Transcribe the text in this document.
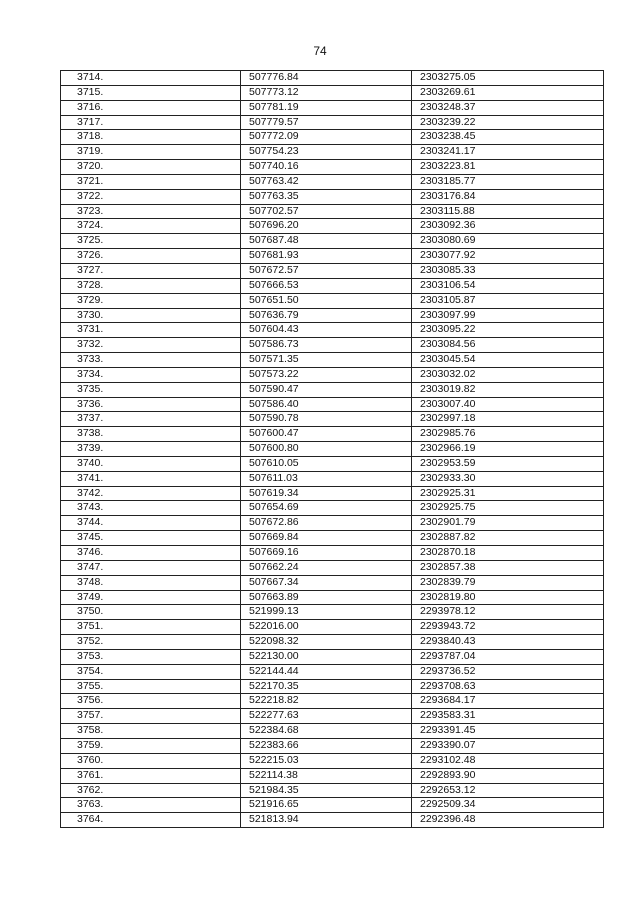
74
3714.	507776.84	2303275.05
3715.	507773.12	2303269.61
3716.	507781.19	2303248.37
3717.	507779.57	2303239.22
3718.	507772.09	2303238.45
3719.	507754.23	2303241.17
3720.	507740.16	2303223.81
3721.	507763.42	2303185.77
3722.	507763.35	2303176.84
3723.	507702.57	2303115.88
3724.	507696.20	2303092.36
3725.	507687.48	2303080.69
3726.	507681.93	2303077.92
3727.	507672.57	2303085.33
3728.	507666.53	2303106.54
3729.	507651.50	2303105.87
3730.	507636.79	2303097.99
3731.	507604.43	2303095.22
3732.	507586.73	2303084.56
3733.	507571.35	2303045.54
3734.	507573.22	2303032.02
3735.	507590.47	2303019.82
3736.	507586.40	2303007.40
3737.	507590.78	2302997.18
3738.	507600.47	2302985.76
3739.	507600.80	2302966.19
3740.	507610.05	2302953.59
3741.	507611.03	2302933.30
3742.	507619.34	2302925.31
3743.	507654.69	2302925.75
3744.	507672.86	2302901.79
3745.	507669.84	2302887.82
3746.	507669.16	2302870.18
3747.	507662.24	2302857.38
3748.	507667.34	2302839.79
3749.	507663.89	2302819.80
3750.	521999.13	2293978.12
3751.	522016.00	2293943.72
3752.	522098.32	2293840.43
3753.	522130.00	2293787.04
3754.	522144.44	2293736.52
3755.	522170.35	2293708.63
3756.	522218.82	2293684.17
3757.	522277.63	2293583.31
3758.	522384.68	2293391.45
3759.	522383.66	2293390.07
3760.	522215.03	2293102.48
3761.	522114.38	2292893.90
3762.	521984.35	2292653.12
3763.	521916.65	2292509.34
3764.	521813.94	2292396.48
